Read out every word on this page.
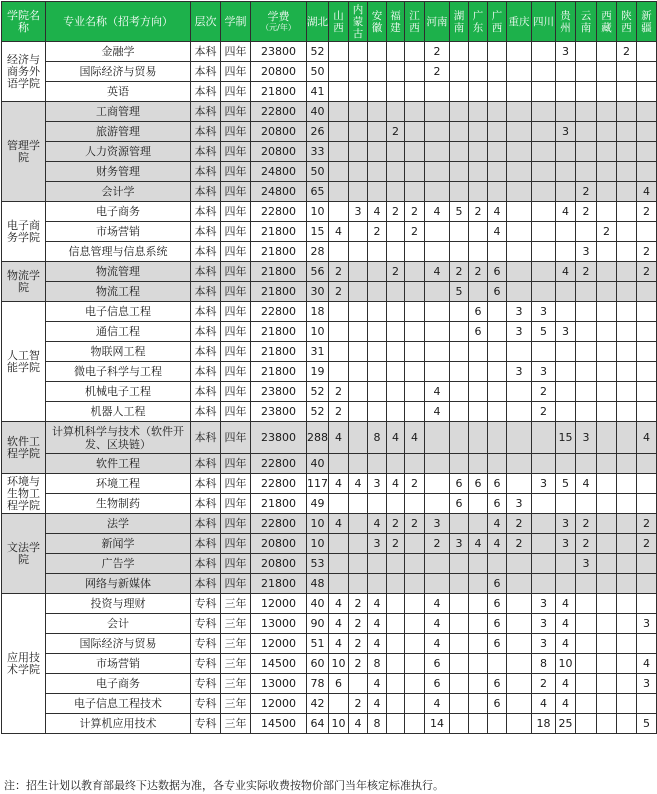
学院名称	专业名称（招考方向）	层次	学制	学费
（元/年）	湖北	山西	内蒙古	安徽	福建	江西	河南	湖南	广东	广西	重庆	四川	贵州	云南	西藏	陕西	新疆
经济与商务外语学院	金融学	本科	四年	23800	52						2						3			2	
	国际经济与贸易	本科	四年	20800	50						2										
	英语	本科	四年	21800	41																
管理学院	工商管理	本科	四年	22800	40																
	旅游管理	本科	四年	20800	26				2								3				
	人力资源管理	本科	四年	20800	33																
	财务管理	本科	四年	24800	50																
	会计学	本科	四年	24800	65													2			4
电子商务学院	电子商务	本科	四年	22800	10		3	4	2	2	4	5	2	4			4	2			2
	市场营销	本科	四年	21800	15	4		2		2				4					2		
	信息管理与信息系统	本科	四年	21800	28													3			2
物流学院	物流管理	本科	四年	21800	56	2			2		4	2	2	6			4	2			2
	物流工程	本科	四年	21800	30	2						5		6							
人工智能学院	电子信息工程	本科	四年	22800	18								6		3	3					
	通信工程	本科	四年	21800	10								6		3	5	3				
	物联网工程	本科	四年	21800	31																
	微电子科学与工程	本科	四年	21800	19										3	3					
	机械电子工程	本科	四年	23800	52	2					4					2					
	机器人工程	本科	四年	23800	52	2					4					2					
软件工程学院	计算机科学与技术（软件开发、区块链）	本科	四年	23800	288	4		8	4	4							15	3			4
	软件工程	本科	四年	22800	40																
环境与生物工程学院	环境工程	本科	四年	22800	117	4	4	3	4	2		6	6	6		3	5	4			
	生物制药	本科	四年	21800	49							6		6	3						
文法学院	法学	本科	四年	22800	10	4		4	2	2	3			4	2		3	2			2
	新闻学	本科	四年	20800	10			3	2		2	3	4	4	2		3	2			2
	广告学	本科	四年	20800	53													3			
	网络与新媒体	本科	四年	21800	48									6							
应用技术学院	投资与理财	专科	三年	12000	40	4	2	4			4			6		3	4				
	会计	专科	三年	13000	90	4	2	4			4			6		3	4				3
	国际经济与贸易	专科	三年	12000	51	4	2	4			4			6		3	4				
	市场营销	专科	三年	14500	60	10	2	8			6					8	10				4
	电子商务	专科	三年	13000	78	6		4			6			6		2	4				3
	电子信息工程技术	专科	三年	12000	42		2	4			4			6		4	4				
	计算机应用技术	专科	三年	14500	64	10	4	8			14					18	25				5
注：招生计划以教育部最终下达数据为准，各专业实际收费按物价部门当年核定标准执行。
